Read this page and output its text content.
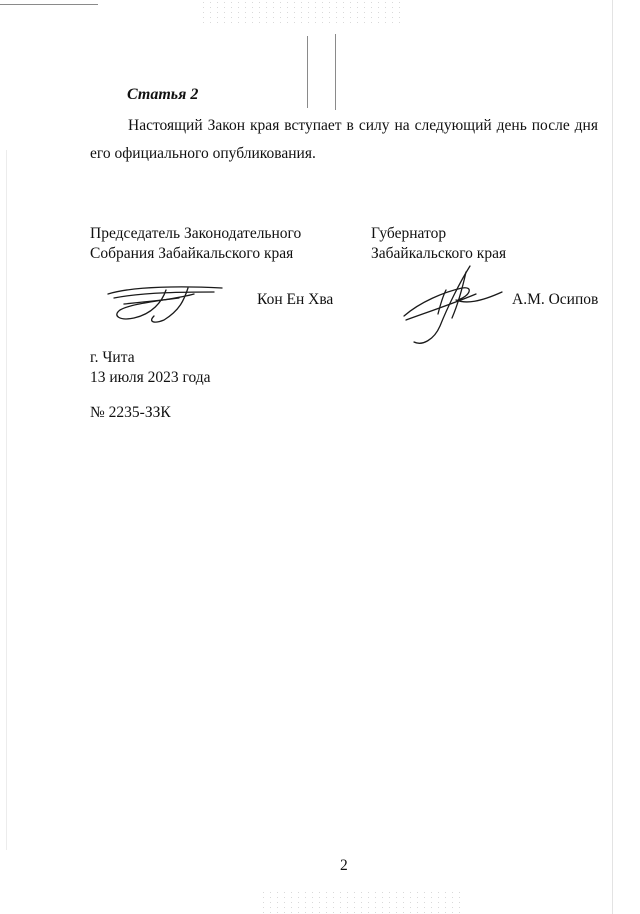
Статья 2

Настоящий Закон края вступает в силу на следующий день после дня его официального опубликования.

Председатель Законодательного
Собрания Забайкальского края
Губернатор
Забайкальского края
Кон Ен Хва	А.М. Осипов
г. Чита
13 июля 2023 года
№ 2235-ЗЗК
2
